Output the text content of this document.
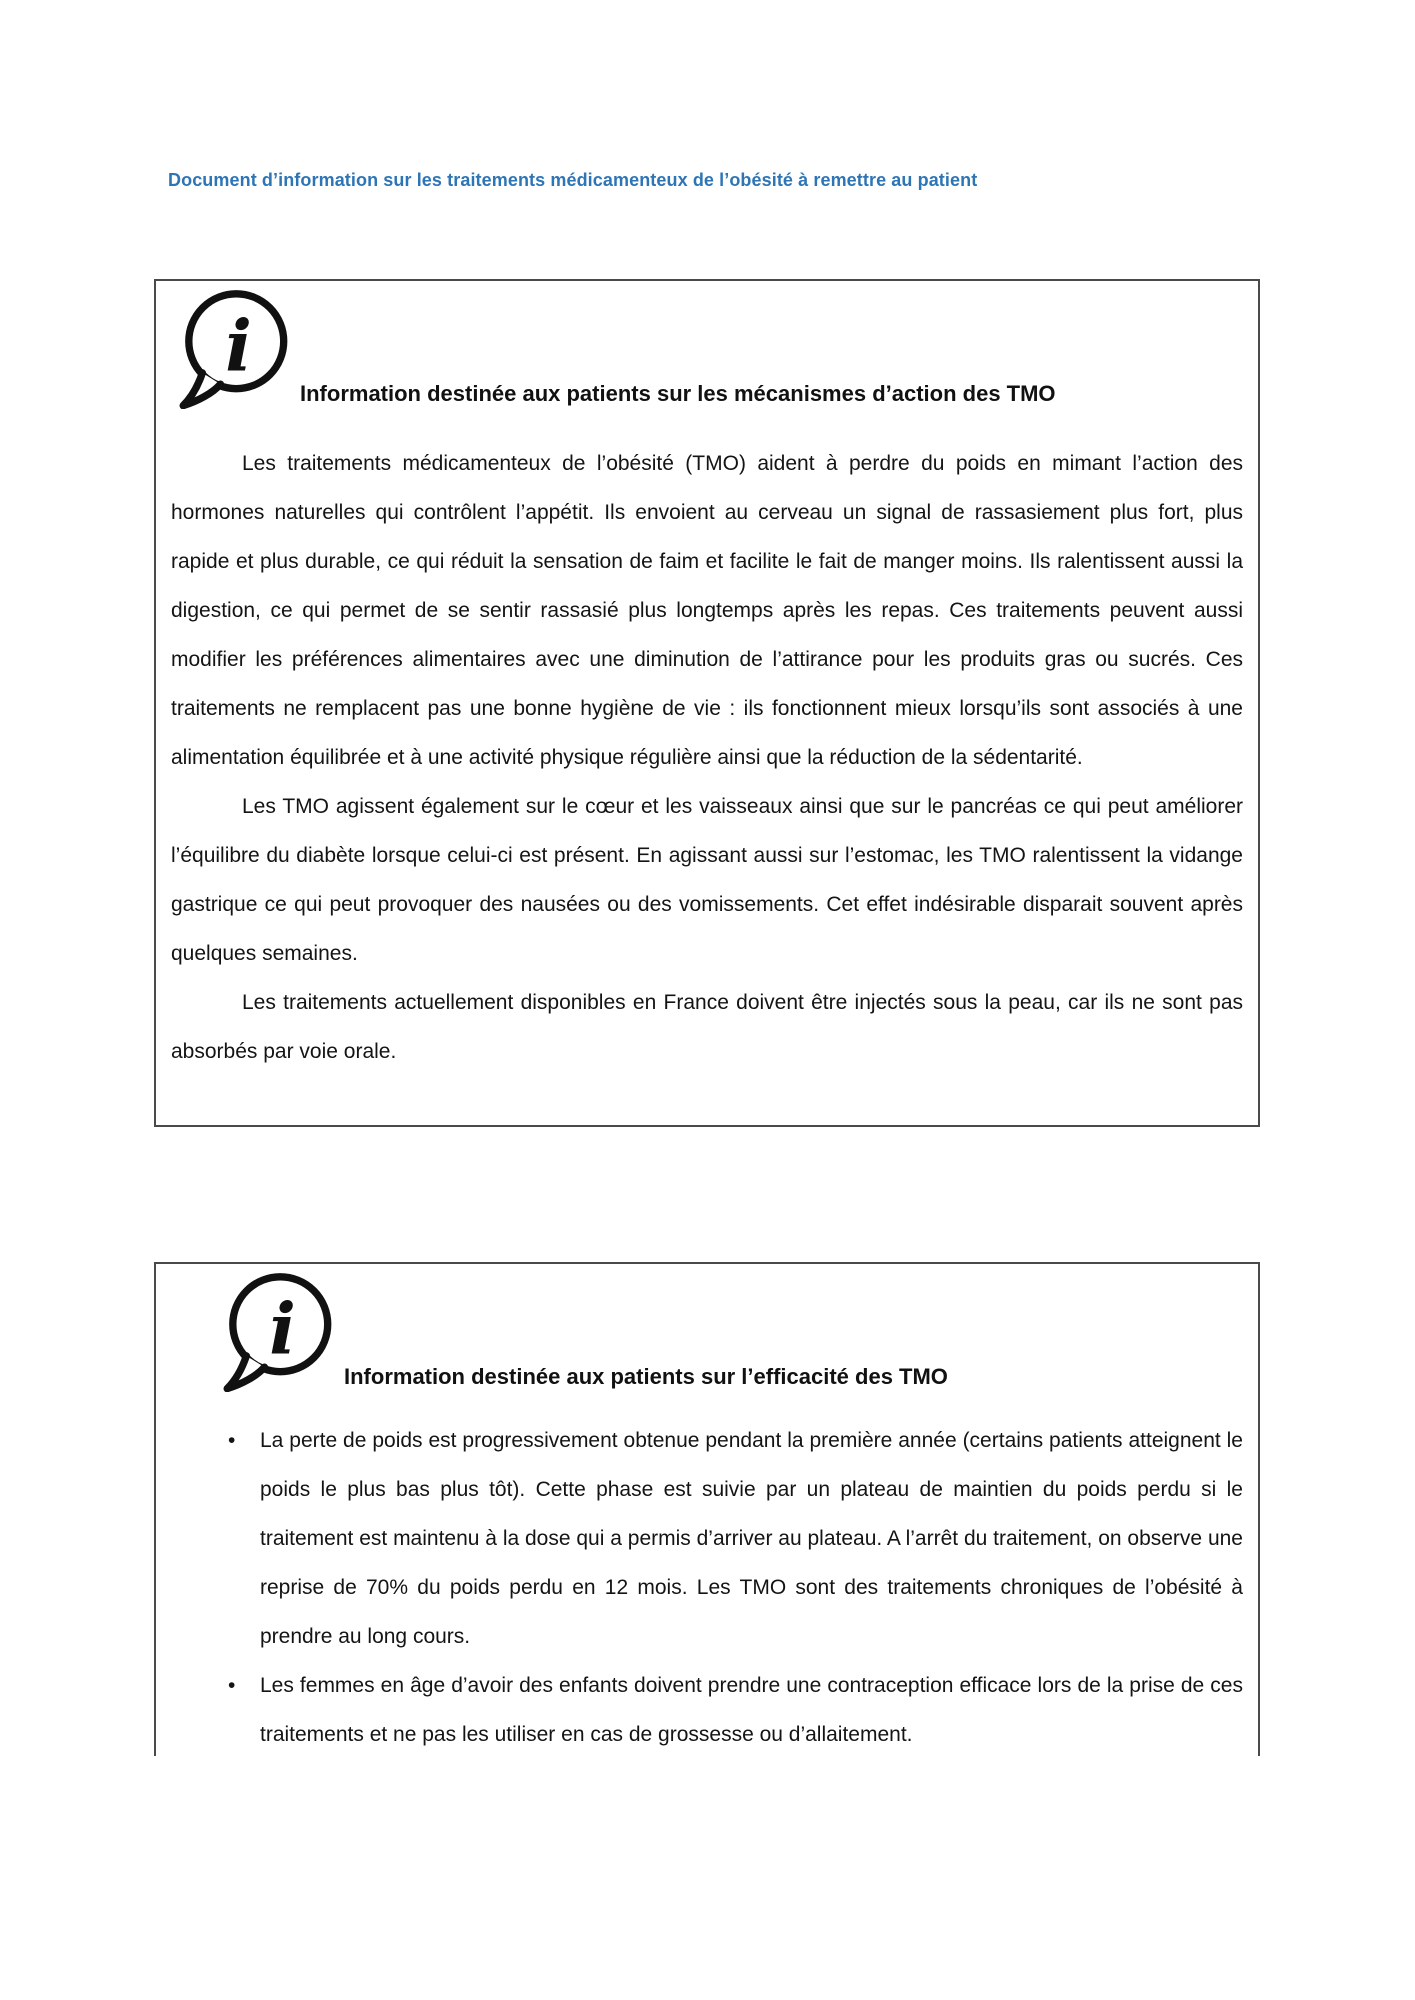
Document d’information sur les traitements médicamenteux de l’obésité à remettre au patient
i
Information destinée aux patients sur les mécanismes d’action des TMO

Les traitements médicamenteux de l’obésité (TMO) aident à perdre du poids en mimant l’action des hormones naturelles qui contrôlent l’appétit. Ils envoient au cerveau un signal de rassasiement plus fort, plus rapide et plus durable, ce qui réduit la sensation de faim et facilite le fait de manger moins. Ils ralentissent aussi la digestion, ce qui permet de se sentir rassasié plus longtemps après les repas. Ces traitements peuvent aussi modifier les préférences alimentaires avec une diminution de l’attirance pour les produits gras ou sucrés. Ces traitements ne remplacent pas une bonne hygiène de vie : ils fonctionnent mieux lorsqu’ils sont associés à une alimentation équilibrée et à une activité physique régulière ainsi que la réduction de la sédentarité.

Les TMO agissent également sur le cœur et les vaisseaux ainsi que sur le pancréas ce qui peut améliorer l’équilibre du diabète lorsque celui-ci est présent. En agissant aussi sur l’estomac, les TMO ralentissent la vidange gastrique ce qui peut provoquer des nausées ou des vomissements. Cet effet indésirable disparait souvent après quelques semaines.

Les traitements actuellement disponibles en France doivent être injectés sous la peau, car ils ne sont pas absorbés par voie orale.

i
Information destinée aux patients sur l’efficacité des TMO
• La perte de poids est progressivement obtenue pendant la première année (certains patients atteignent le poids le plus bas plus tôt). Cette phase est suivie par un plateau de maintien du poids perdu si le traitement est maintenu à la dose qui a permis d’arriver au plateau. A l’arrêt du traitement, on observe une reprise de 70% du poids perdu en 12 mois. Les TMO sont des traitements chroniques de l’obésité à prendre au long cours.
• Les femmes en âge d’avoir des enfants doivent prendre une contraception efficace lors de la prise de ces traitements et ne pas les utiliser en cas de grossesse ou d’allaitement.
